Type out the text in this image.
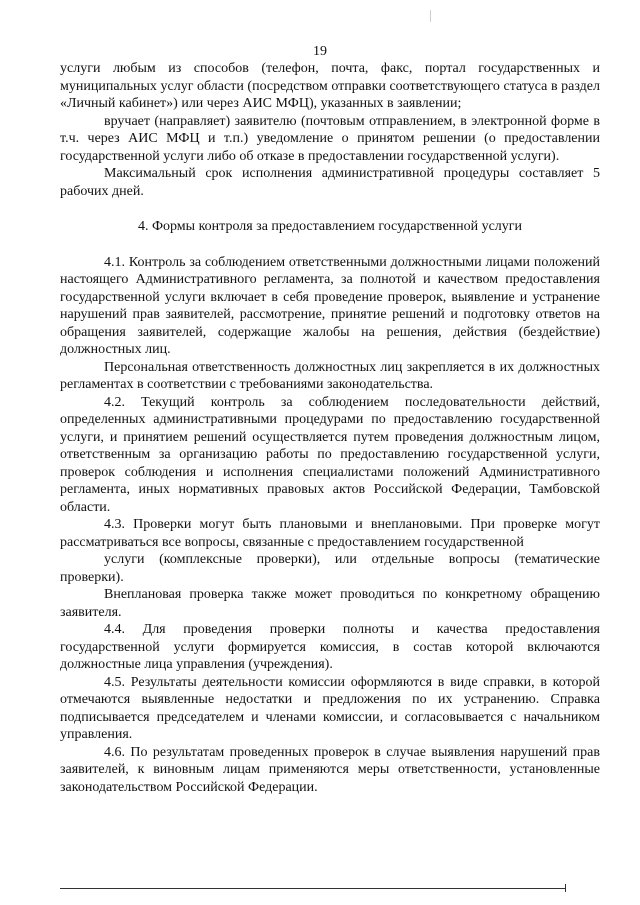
19

услуги любым из способов (телефон, почта, факс, портал государственных и муниципальных услуг области (посредством отправки соответствующего статуса в раздел «Личный кабинет») или через АИС МФЦ), указанных в заявлении;

вручает (направляет) заявителю (почтовым отправлением, в электронной форме в т.ч. через АИС МФЦ и т.п.) уведомление о принятом решении (о предоставлении государственной услуги либо об отказе в предоставлении государственной услуги).

Максимальный срок исполнения административной процедуры составляет 5 рабочих дней.

4. Формы контроля за предоставлением государственной услуги

4.1. Контроль за соблюдением ответственными должностными лицами положений настоящего Административного регламента, за полнотой и качеством предоставления государственной услуги включает в себя проведение проверок, выявление и устранение нарушений прав заявителей, рассмотрение, принятие решений и подготовку ответов на обращения заявителей, содержащие жалобы на решения, действия (бездействие) должностных лиц.

Персональная ответственность должностных лиц закрепляется в их должностных регламентах в соответствии с требованиями законодательства.

4.2. Текущий контроль за соблюдением последовательности действий, определенных административными процедурами по предоставлению государственной услуги, и принятием решений осуществляется путем проведения должностным лицом, ответственным за организацию работы по предоставлению государственной услуги, проверок соблюдения и исполнения специалистами положений Административного регламента, иных нормативных правовых актов Российской Федерации, Тамбовской области.

4.3. Проверки могут быть плановыми и внеплановыми. При проверке могут рассматриваться все вопросы, связанные с предоставлением государственной

услуги (комплексные проверки), или отдельные вопросы (тематические проверки).

Внеплановая проверка также может проводиться по конкретному обращению заявителя.

4.4. Для проведения проверки полноты и качества предоставления государственной услуги формируется комиссия, в состав которой включаются должностные лица управления (учреждения).

4.5. Результаты деятельности комиссии оформляются в виде справки, в которой отмечаются выявленные недостатки и предложения по их устранению. Справка подписывается председателем и членами комиссии, и согласовывается с начальником управления.

4.6. По результатам проведенных проверок в случае выявления нарушений прав заявителей, к виновным лицам применяются меры ответственности, установленные законодательством Российской Федерации.
